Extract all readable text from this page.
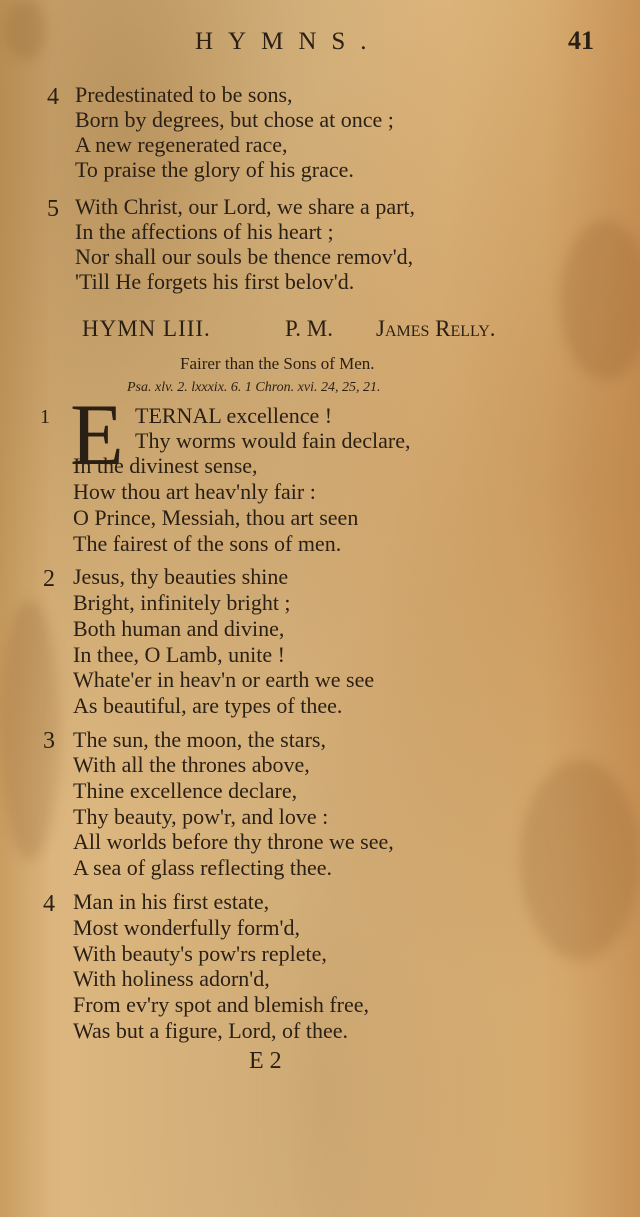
HYMNS.	41
4 Predestinated to be sons,
Born by degrees, but chose at once ;
A new regenerated race,
To praise the glory of his grace.
5 With Christ, our Lord, we share a part,
In the affections of his heart ;
Nor shall our souls be thence remov'd,
'Till He forgets his first belov'd.
HYMN LIII.	P. M. James Relly.
Fairer than the Sons of Men.
Psa. xlv. 2. lxxxix. 6. 1 Chron. xvi. 24, 25, 21.
1 E TERNAL excellence !
Thy worms would fain declare,
In the divinest sense,
How thou art heav'nly fair :
O Prince, Messiah, thou art seen
The fairest of the sons of men.
2 Jesus, thy beauties shine
Bright, infinitely bright ;
Both human and divine,
In thee, O Lamb, unite !
Whate'er in heav'n or earth we see
As beautiful, are types of thee.
3 The sun, the moon, the stars,
With all the thrones above,
Thine excellence declare,
Thy beauty, pow'r, and love :
All worlds before thy throne we see,
A sea of glass reflecting thee.
4 Man in his first estate,
Most wonderfully form'd,
With beauty's pow'rs replete,
With holiness adorn'd,
From ev'ry spot and blemish free,
Was but a figure, Lord, of thee.
E 2
